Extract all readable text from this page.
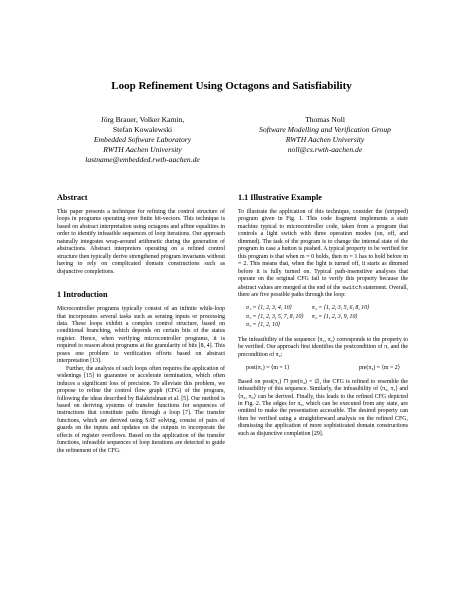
Loop Refinement Using Octagons and Satisfiability
Jörg Brauer, Volker Kamin,
Stefan Kowalewski
Embedded Software Laboratory
RWTH Aachen University
lastname@embedded.rwth-aachen.de
Thomas Noll
Software Modelling and Verification Group
RWTH Aachen University
noll@cs.rwth-aachen.de
Abstract

This paper presents a technique for refining the control structure of loops in programs operating over finite bit-vectors. This technique is based on abstract interpretation using octagons and affine equalities in order to identify infeasible sequences of loop iterations. Our approach naturally integrates wrap-around arithmetic during the generation of abstractions. Abstract interpreters operating on a refined control structure then typically derive strengthened program invariants without having to rely on complicated domain constructions such as disjunctive completions.

1 Introduction

Microcontroller programs typically consist of an infinite while-loop that incorporates several tasks such as sensing inputs or processing data. These loops exhibit a complex control structure, based on conditional branching, which depends on certain bits of the status register. Hence, when verifying microcontroller programs, it is required to reason about programs at the granularity of bits [8, 4]. This poses one problem to verification efforts based on abstract interpretation [13].

Further, the analysis of such loops often requires the application of widenings [15] to guarantee or accelerate termination, which often induces a significant loss of precision. To alleviate this problem, we propose to refine the control flow graph (CFG) of the program, following the ideas described by Balakrishnan et al. [5]. Our method is based on deriving systems of transfer functions for sequences of instructions that constitute paths through a loop [7]. The transfer functions, which are derived using SAT solving, consist of pairs of guards on the inputs and updates on the outputs to incorporate the effects of register overflows. Based on the application of the transfer functions, infeasible sequences of loop iterations are detected to guide the refinement of the CFG.

1.1 Illustrative Example

To illustrate the application of this technique, consider the (stripped) program given in Fig. 1. This code fragment implements a state machine typical to microcontroller code, taken from a program that controls a light switch with three operation modes (on, off, and dimmed). The task of the program is to change the internal state of the program in case a button is pushed. A typical property to be verified for this program is that when m = 0 holds, then m = 1 has to hold before m = 2. This means that, when the light is turned off, it starts as dimmed before it is fully turned on. Typical path-insensitive analyses that operate on the original CFG fail to verify this property because the abstract values are merged at the end of the switch statement. Overall, there are five possible paths through the loop:

π₁ = ⟨1, 2, 3, 4, 10⟩	π₂ = ⟨1, 2, 3, 5, 6, 8, 10⟩
π₃ = ⟨1, 2, 3, 5, 7, 8, 10⟩	π₄ = ⟨1, 2, 3, 9, 10⟩
π₅ = ⟨1, 2, 10⟩	

The infeasibility of the sequence ⟨π₁, π₄⟩ corresponds to the property to be verified. Our approach first identifies the postcondition of π₁ and the precondition of π₄:

post(π₁) = ⟨m = 1⟩	pre(π₄) = ⟨m = 2⟩

Based on post(π₁) ⊓ pre(π₄) = ∅, the CFG is refined to resemble the infeasibility of this sequence. Similarly, the infeasibility of ⟨π₄, π₂⟩ and ⟨π₄, π₃⟩ can be derived. Finally, this leads to the refined CFG depicted in Fig. 2. The edges for π₅, which can be executed from any state, are omitted to make the presentation accessible. The desired property can then be verified using a straightforward analysis on the refined CFG, dismissing the application of more sophisticated domain constructions such as disjunctive completion [29].
